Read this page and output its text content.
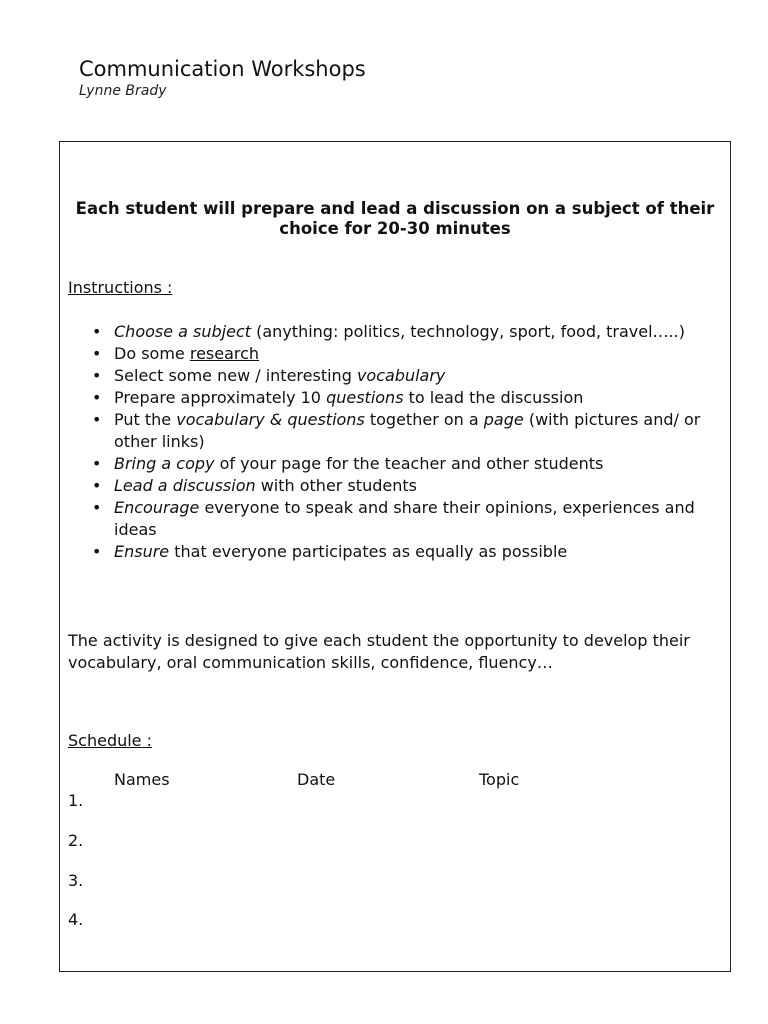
Communication Workshops
Lynne Brady
Each student will prepare and lead a discussion on a subject of their choice for 20-30 minutes
Instructions :
• Choose a subject (anything: politics, technology, sport, food, travel…..)
• Do some research
• Select some new / interesting vocabulary
• Prepare approximately 10 questions to lead the discussion
• Put the vocabulary & questions together on a page (with pictures and/ or other links)
• Bring a copy of your page for the teacher and other students
• Lead a discussion with other students
• Encourage everyone to speak and share their opinions, experiences and ideas
• Ensure that everyone participates as equally as possible
The activity is designed to give each student the opportunity to develop their vocabulary, oral communication skills, confidence, fluency…
Schedule :
Names	Date	Topic
1.
2.
3.
4.
